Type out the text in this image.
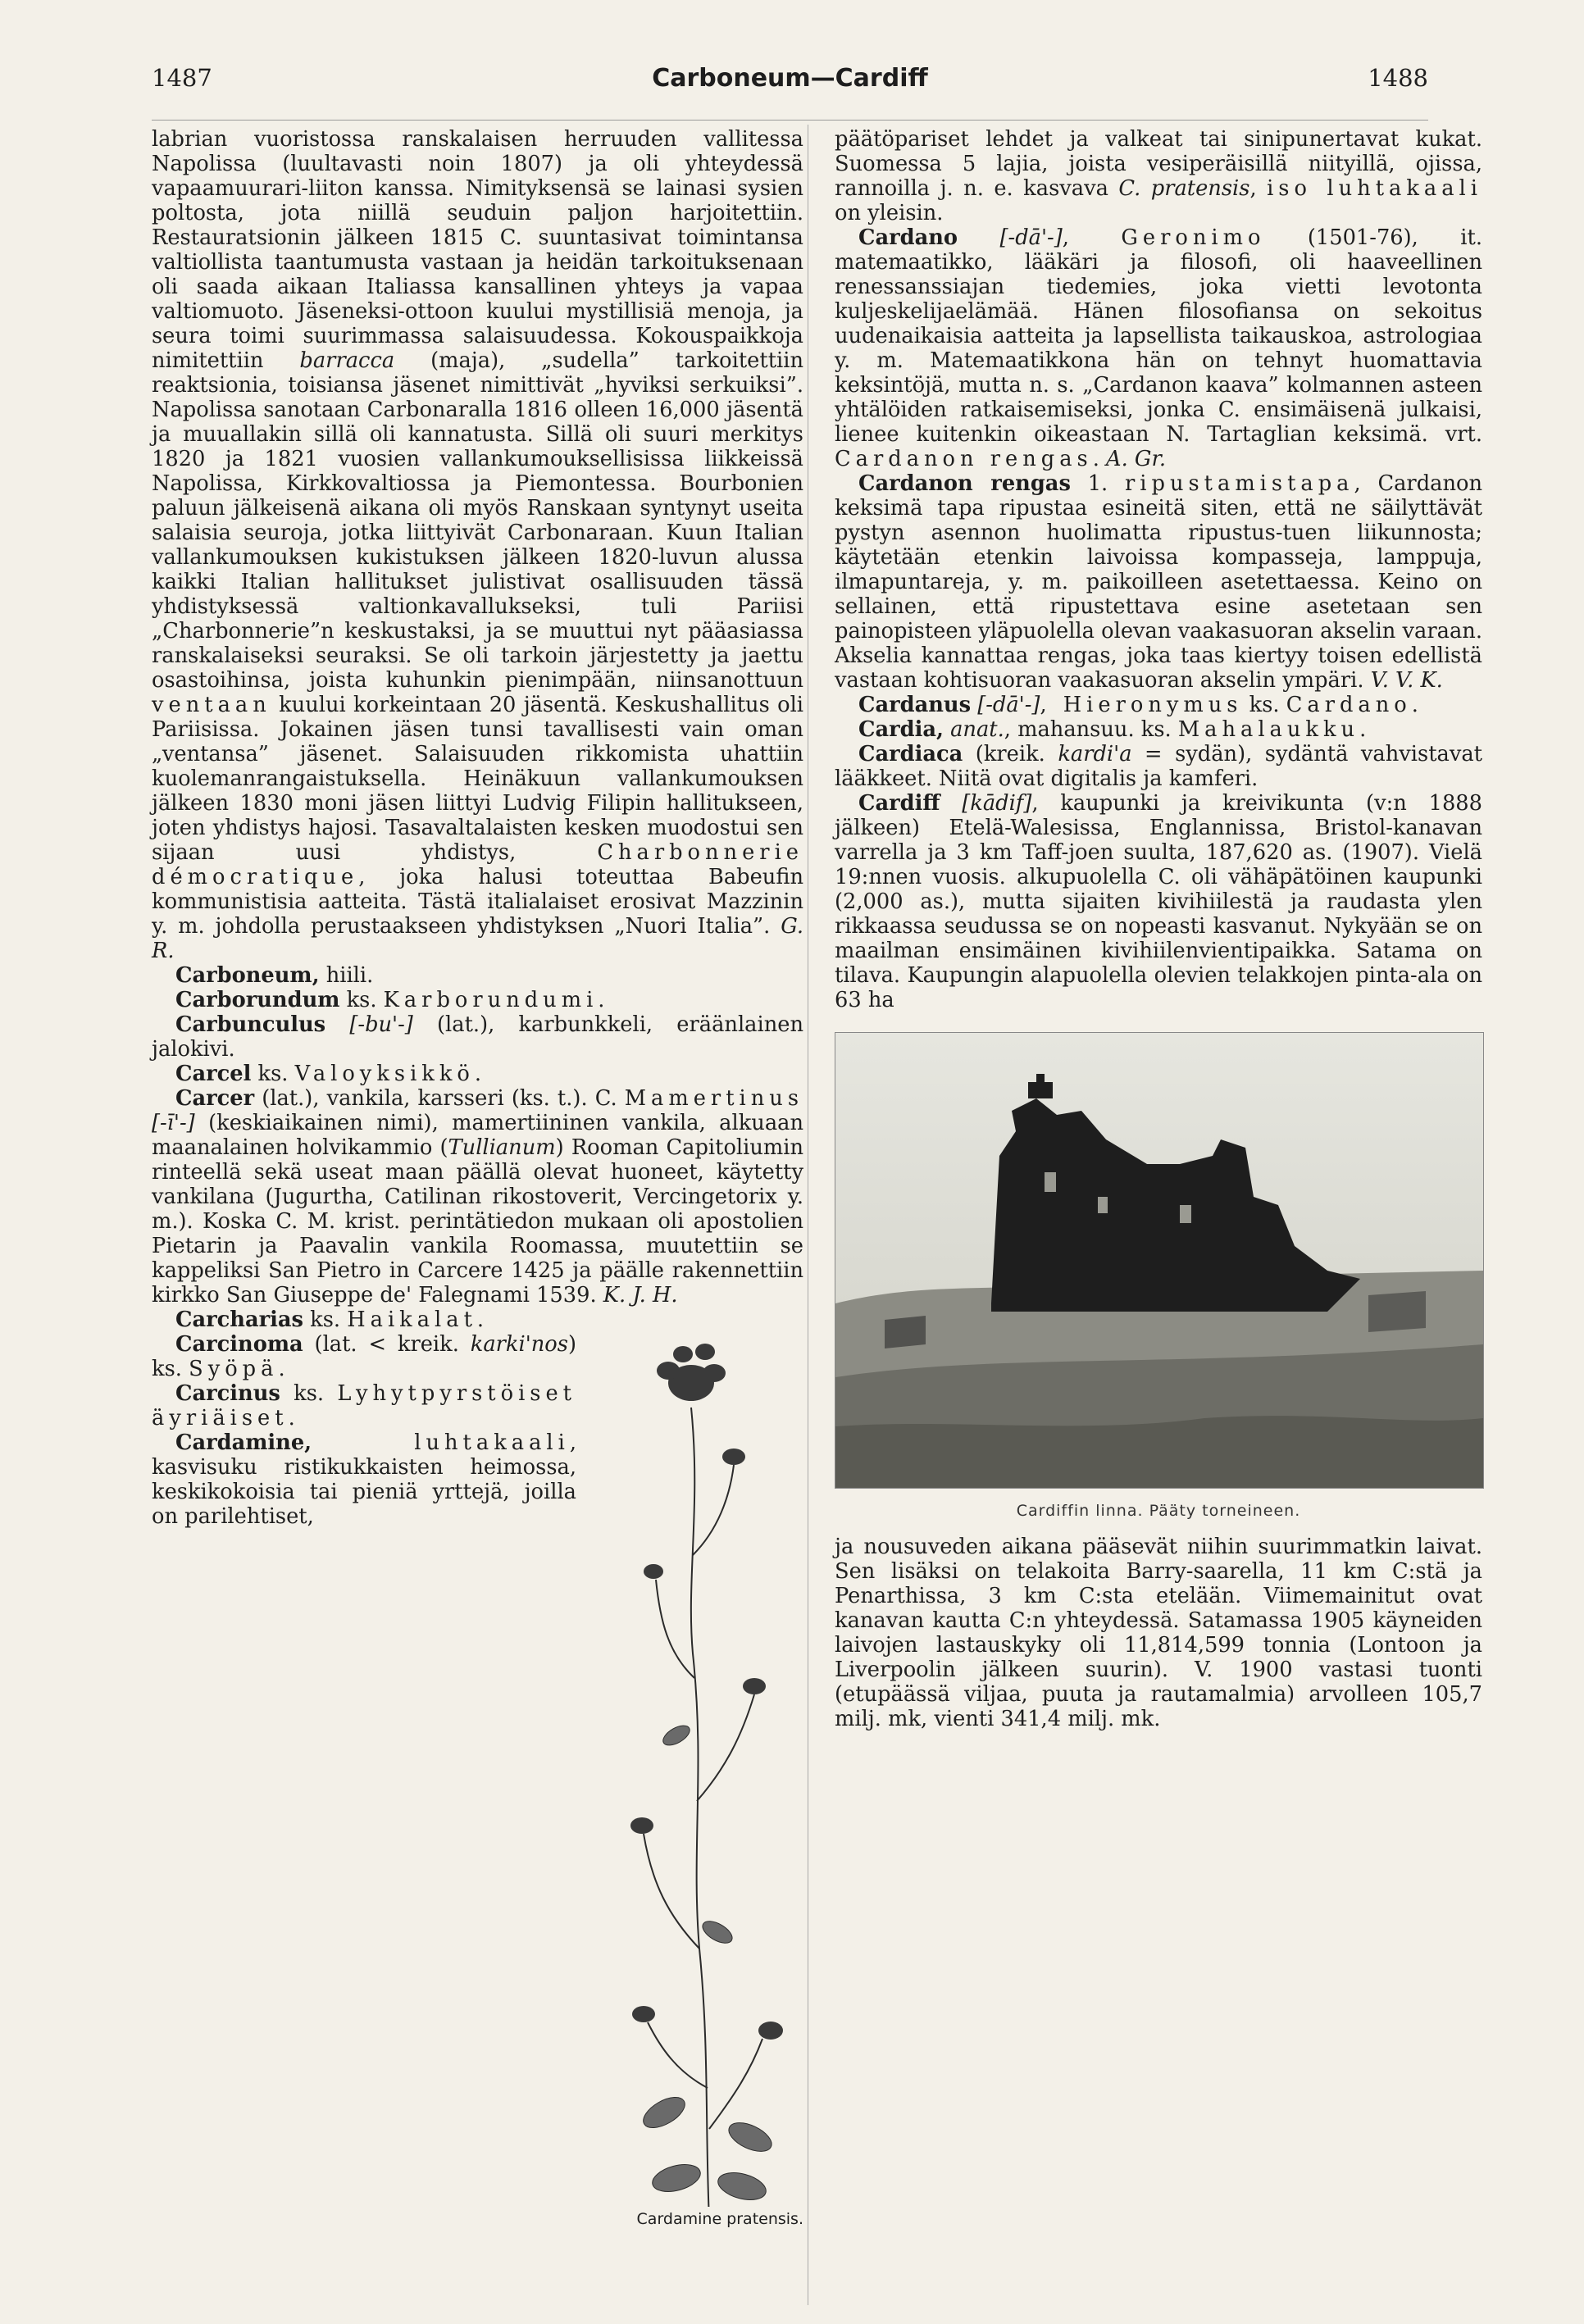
1487	Carboneum—Cardiff	1488

labrian vuoristossa ranskalaisen herruuden vallitessa Napolissa (luultavasti noin 1807) ja oli yhteydessä vapaamuurari-liiton kanssa. Nimityksensä se lainasi sysien poltosta, jota niillä seuduin paljon harjoitettiin. Restauratsionin jälkeen 1815 C. suuntasivat toimintansa valtiollista taantumusta vastaan ja heidän tarkoituksenaan oli saada aikaan Italiassa kansallinen yhteys ja vapaa valtiomuoto. Jäseneksi-ottoon kuului mystillisiä menoja, ja seura toimi suurimmassa salaisuudessa. Kokouspaikkoja nimitettiin barracca (maja), „sudella” tarkoitettiin reaktsionia, toisiansa jäsenet nimittivät „hyviksi serkuiksi”. Napolissa sanotaan Carbonaralla 1816 olleen 16,000 jäsentä ja muuallakin sillä oli kannatusta. Sillä oli suuri merkitys 1820 ja 1821 vuosien vallankumouksellisissa liikkeissä Napolissa, Kirkkovaltiossa ja Piemontessa. Bourbonien paluun jälkeisenä aikana oli myös Ranskaan syntynyt useita salaisia seuroja, jotka liittyivät Carbonaraan. Kuun Italian vallankumouksen kukistuksen jälkeen 1820-luvun alussa kaikki Italian hallitukset julistivat osallisuuden tässä yhdistyksessä valtionkavallukseksi, tuli Pariisi „Charbonnerie”n keskustaksi, ja se muuttui nyt pääasiassa ranskalaiseksi seuraksi. Se oli tarkoin järjestetty ja jaettu osastoihinsa, joista kuhunkin pienimpään, niinsanottuun ventaan kuului korkeintaan 20 jäsentä. Keskushallitus oli Pariisissa. Jokainen jäsen tunsi tavallisesti vain oman „ventansa” jäsenet. Salaisuuden rikkomista uhattiin kuolemanrangaistuksella. Heinäkuun vallankumouksen jälkeen 1830 moni jäsen liittyi Ludvig Filipin hallitukseen, joten yhdistys hajosi. Tasavaltalaisten kesken muodostui sen sijaan uusi yhdistys, Charbonnerie démocratique, joka halusi toteuttaa Babeufin kommunistisia aatteita. Tästä italialaiset erosivat Mazzinin y. m. johdolla perustaakseen yhdistyksen „Nuori Italia”. G. R.

Carboneum, hiili.

Carborundum ks. Karborundumi.

Carbunculus [-bu'-] (lat.), karbunkkeli, eräänlainen jalokivi.

Carcel ks. Valoyksikkö.

Carcer (lat.), vankila, karsseri (ks. t.). C. Mamertinus [-ī'-] (keskiaikainen nimi), mamertiininen vankila, alkuaan maanalainen holvikammio (Tullianum) Rooman Capitoliumin rinteellä sekä useat maan päällä olevat huoneet, käytetty vankilana (Jugurtha, Catilinan rikostoverit, Vercingetorix y. m.). Koska C. M. krist. perintätiedon mukaan oli apostolien Pietarin ja Paavalin vankila Roomassa, muutettiin se kappeliksi San Pietro in Carcere 1425 ja päälle rakennettiin kirkko San Giuseppe de' Falegnami 1539.
Cardamine pratensis.
K. J. H.

Carcharias ks. Haikalat.

Carcinoma (lat. < kreik. karki'nos) ks. Syöpä.

Carcinus ks. Lyhytpyrstöiset äyriäiset.

Cardamine, luhtakaali, kasvisuku ristikukkaisten heimossa, keskikokoisia tai pieniä yrttejä, joilla on parilehtiset,

päätöpariset lehdet ja valkeat tai sinipunertavat kukat. Suomessa 5 lajia, joista vesiperäisillä niityillä, ojissa, rannoilla j. n. e. kasvava C. pratensis, iso luhtakaali on yleisin.

Cardano [-dā'-], Geronimo (1501-76), it. matemaatikko, lääkäri ja filosofi, oli haaveellinen renessanssiajan tiedemies, joka vietti levotonta kuljeskelijaelämää. Hänen filosofiansa on sekoitus uudenaikaisia aatteita ja lapsellista taikauskoa, astrologiaa y. m. Matemaatikkona hän on tehnyt huomattavia keksintöjä, mutta n. s. „Cardanon kaava” kolmannen asteen yhtälöiden ratkaisemiseksi, jonka C. ensimäisenä julkaisi, lienee kuitenkin oikeastaan N. Tartaglian keksimä. vrt. Cardanon rengas. A. Gr.

Cardanon rengas 1. ripustamistapa, Cardanon keksimä tapa ripustaa esineitä siten, että ne säilyttävät pystyn asennon huolimatta ripustus-tuen liikunnosta; käytetään etenkin laivoissa kompasseja, lamppuja, ilmapuntareja, y. m. paikoilleen asetettaessa. Keino on sellainen, että ripustettava esine asetetaan sen painopisteen yläpuolella olevan vaakasuoran akselin varaan. Akselia kannattaa rengas, joka taas kiertyy toisen edellistä vastaan kohtisuoran vaakasuoran akselin ympäri. V. V. K.

Cardanus [-dā'-], Hieronymus ks. Cardano.

Cardia, anat., mahansuu. ks. Mahalaukku.

Cardiaca (kreik. kardi'a = sydän), sydäntä vahvistavat lääkkeet. Niitä ovat digitalis ja kamferi.

Cardiff [kādif], kaupunki ja kreivikunta (v:n 1888 jälkeen) Etelä-Walesissa, Englannissa, Bristol-kanavan varrella ja 3 km Taff-joen suulta, 187,620 as. (1907). Vielä 19:nnen vuosis. alkupuolella C. oli vähäpätöinen kaupunki (2,000 as.), mutta sijaiten kivihiilestä ja raudasta ylen rikkaassa seudussa se on nopeasti kasvanut. Nykyään se on maailman ensimäinen kivihiilenvientipaikka. Satama on tilava. Kaupungin alapuolella olevien telakkojen pinta-ala on 63 ha

Cardiffin linna. Pääty torneineen.

ja nousuveden aikana pääsevät niihin suurimmatkin laivat. Sen lisäksi on telakoita Barry-saarella, 11 km C:stä ja Penarthissa, 3 km C:sta etelään. Viimemainitut ovat kanavan kautta C:n yhteydessä. Satamassa 1905 käyneiden laivojen lastauskyky oli 11,814,599 tonnia (Lontoon ja Liverpoolin jälkeen suurin). V. 1900 vastasi tuonti (etupäässä viljaa, puuta ja rautamalmia) arvolleen 105,7 milj. mk, vienti 341,4 milj. mk.
